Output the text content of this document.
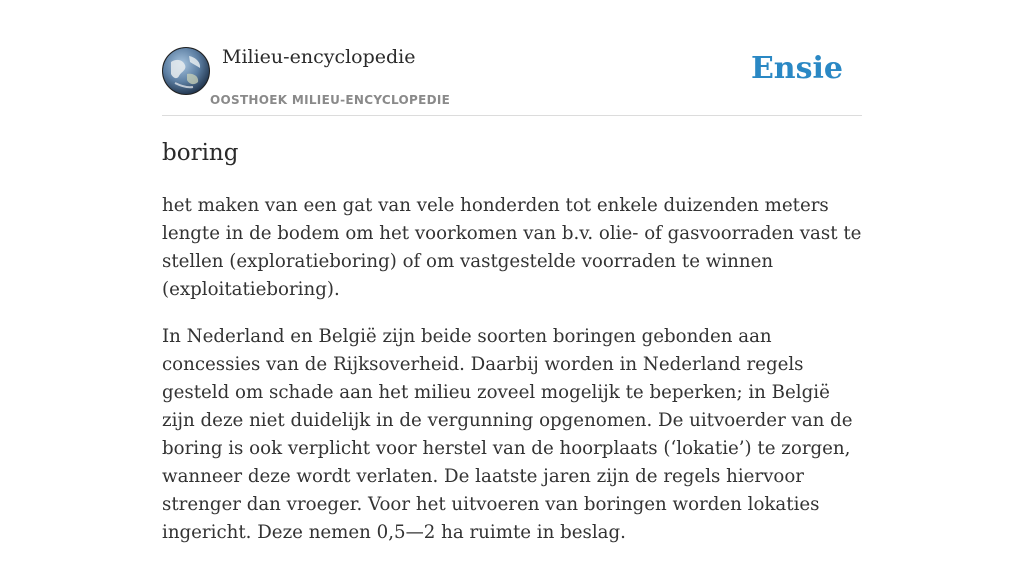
Milieu-encyclopedie
OOSTHOEK MILIEU-ENCYCLOPEDIE
Ensie
boring

het maken van een gat van vele honderden tot enkele duizenden meters lengte in de bodem om het voorkomen van b.v. olie- of gasvoorraden vast te stellen (exploratieboring) of om vastgestelde voorraden te winnen (exploitatieboring).

In Nederland en België zijn beide soorten boringen gebonden aan concessies van de Rijksoverheid. Daarbij worden in Nederland regels gesteld om schade aan het milieu zoveel mogelijk te beperken; in België zijn deze niet duidelijk in de vergunning opgenomen. De uitvoerder van de boring is ook verplicht voor herstel van de hoorplaats (‘lokatie’) te zorgen, wanneer deze wordt verlaten. De laatste jaren zijn de regels hiervoor strenger dan vroeger. Voor het uitvoeren van boringen worden lokaties ingericht. Deze nemen 0,5—2 ha ruimte in beslag.
